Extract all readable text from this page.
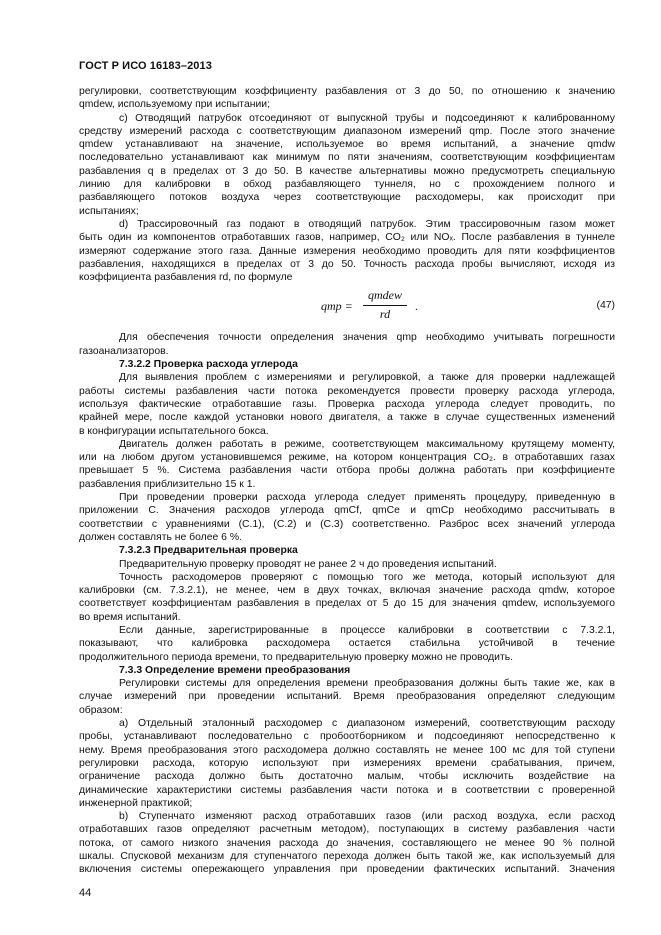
ГОСТ Р ИСО 16183–2013
регулировки, соответствующим коэффициенту разбавления от 3 до 50, по отношению к значению
qmdew, используемому при испытании;
c) Отводящий патрубок отсоединяют от выпускной трубы и подсоединяют к калиброванному
средству измерений расхода с соответствующим диапазоном измерений qmp. После этого значение
qmdew устанавливают на значение, используемое во время испытаний, а значение qmdw
последовательно устанавливают как минимум по пяти значениям, соответствующим коэффициентам
разбавления q в пределах от 3 до 50. В качестве альтернативы можно предусмотреть специальную
линию для калибровки в обход разбавляющего туннеля, но с прохождением полного и
разбавляющего потоков воздуха через соответствующие расходомеры, как происходит при
испытаниях;
d) Трассировочный газ подают в отводящий патрубок. Этим трассировочным газом может
быть один из компонентов отработавших газов, например, CO₂ или NOₓ. После разбавления в туннеле
измеряют содержание этого газа. Данные измерения необходимо проводить для пяти коэффициентов
разбавления, находящихся в пределах от 3 до 50. Точность расхода пробы вычисляют, исходя из
коэффициента разбавления rd, по формуле
qmp =
qmdew
rd
.	(47)
Для обеспечения точности определения значения qmp необходимо учитывать погрешности
газоанализаторов.
7.3.2.2 Проверка расхода углерода
Для выявления проблем с измерениями и регулировкой, а также для проверки надлежащей
работы системы разбавления части потока рекомендуется провести проверку расхода углерода,
используя фактические отработавшие газы. Проверка расхода углерода следует проводить, по
крайней мере, после каждой установки нового двигателя, а также в случае существенных изменений
в конфигурации испытательного бокса.
Двигатель должен работать в режиме, соответствующем максимальному крутящему моменту,
или на любом другом установившемся режиме, на котором концентрация CO₂. в отработавших газах
превышает 5 %. Система разбавления части отбора пробы должна работать при коэффициенте
разбавления приблизительно 15 к 1.
При проведении проверки расхода углерода следует применять процедуру, приведенную в
приложении С. Значения расходов углерода qmCf, qmCe и qmCp необходимо рассчитывать в
соответствии с уравнениями (С.1), (С.2) и (С.3) соответственно. Разброс всех значений углерода
должен составлять не более 6 %.
7.3.2.3 Предварительная проверка
Предварительную проверку проводят не ранее 2 ч до проведения испытаний.
Точность расходомеров проверяют с помощью того же метода, который используют для
калибровки (см. 7.3.2.1), не менее, чем в двух точках, включая значение расхода qmdw, которое
соответствует коэффициентам разбавления в пределах от 5 до 15 для значения qmdew, используемого
во время испытаний.
Если данные, зарегистрированные в процессе калибровки в соответствии с 7.3.2.1,
показывают, что калибровка расходомера остается стабильна устойчивой в течение
продолжительного периода времени, то предварительную проверку можно не проводить.
7.3.3 Определение времени преобразования
Регулировки системы для определения времени преобразования должны быть такие же, как в
случае измерений при проведении испытаний. Время преобразования определяют следующим
образом:
а) Отдельный эталонный расходомер с диапазоном измерений, соответствующим расходу
пробы, устанавливают последовательно с пробоотборником и подсоединяют непосредственно к
нему. Время преобразования этого расходомера должно составлять не менее 100 мс для той ступени
регулировки расхода, которую используют при измерениях времени срабатывания, причем,
ограничение расхода должно быть достаточно малым, чтобы исключить воздействие на
динамические характеристики системы разбавления части потока и в соответствии с проверенной
инженерной практикой;
b) Ступенчато изменяют расход отработавших газов (или расход воздуха, если расход
отработавших газов определяют расчетным методом), поступающих в систему разбавления части
потока, от самого низкого значения расхода до значения, составляющего не менее 90 % полной
шкалы. Спусковой механизм для ступенчатого перехода должен быть такой же, как используемый для
включения системы опережающего управления при проведении фактических испытаний. Значения
44
